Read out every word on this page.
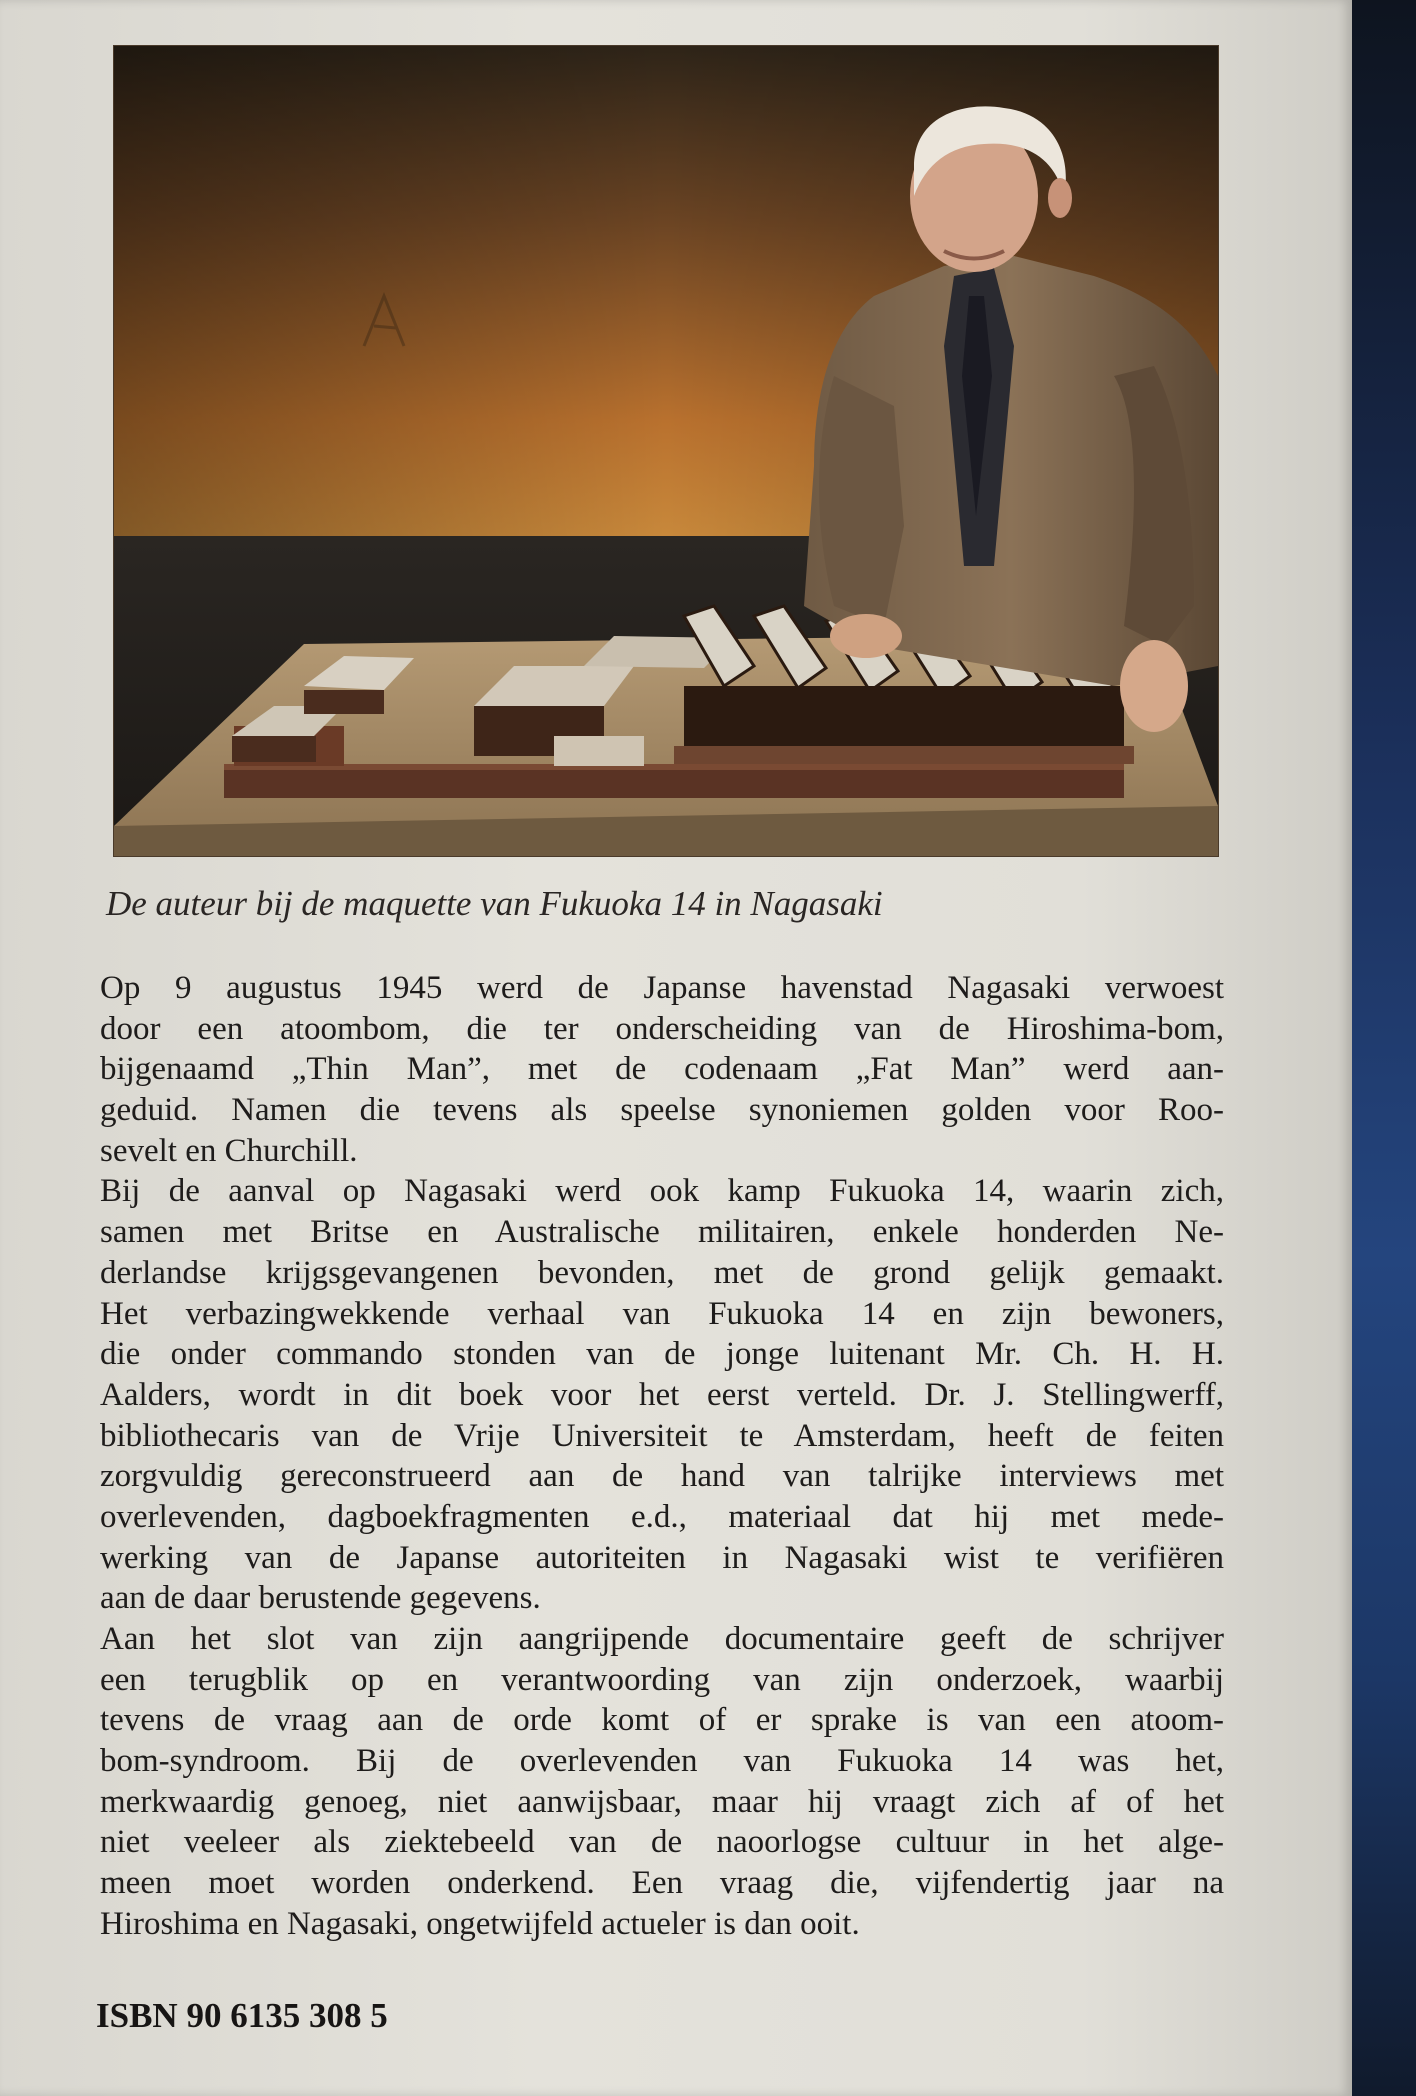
De auteur bij de maquette van Fukuoka 14 in Nagasaki

Op 9 augustus 1945 werd de Japanse havenstad Nagasaki verwoest
door een atoombom, die ter onderscheiding van de Hiroshima-bom,
bijgenaamd „Thin Man”, met de codenaam „Fat Man” werd aan-
geduid. Namen die tevens als speelse synoniemen golden voor Roo-
sevelt en Churchill.
Bij de aanval op Nagasaki werd ook kamp Fukuoka 14, waarin zich,
samen met Britse en Australische militairen, enkele honderden Ne-
derlandse krijgsgevangenen bevonden, met de grond gelijk gemaakt.
Het verbazingwekkende verhaal van Fukuoka 14 en zijn bewoners,
die onder commando stonden van de jonge luitenant Mr. Ch. H. H.
Aalders, wordt in dit boek voor het eerst verteld. Dr. J. Stellingwerff,
bibliothecaris van de Vrije Universiteit te Amsterdam, heeft de feiten
zorgvuldig gereconstrueerd aan de hand van talrijke interviews met
overlevenden, dagboekfragmenten e.d., materiaal dat hij met mede-
werking van de Japanse autoriteiten in Nagasaki wist te verifiëren
aan de daar berustende gegevens.
Aan het slot van zijn aangrijpende documentaire geeft de schrijver
een terugblik op en verantwoording van zijn onderzoek, waarbij
tevens de vraag aan de orde komt of er sprake is van een atoom-
bom-syndroom. Bij de overlevenden van Fukuoka 14 was het,
merkwaardig genoeg, niet aanwijsbaar, maar hij vraagt zich af of het
niet veeleer als ziektebeeld van de naoorlogse cultuur in het alge-
meen moet worden onderkend. Een vraag die, vijfendertig jaar na
Hiroshima en Nagasaki, ongetwijfeld actueler is dan ooit.

ISBN 90 6135 308 5
